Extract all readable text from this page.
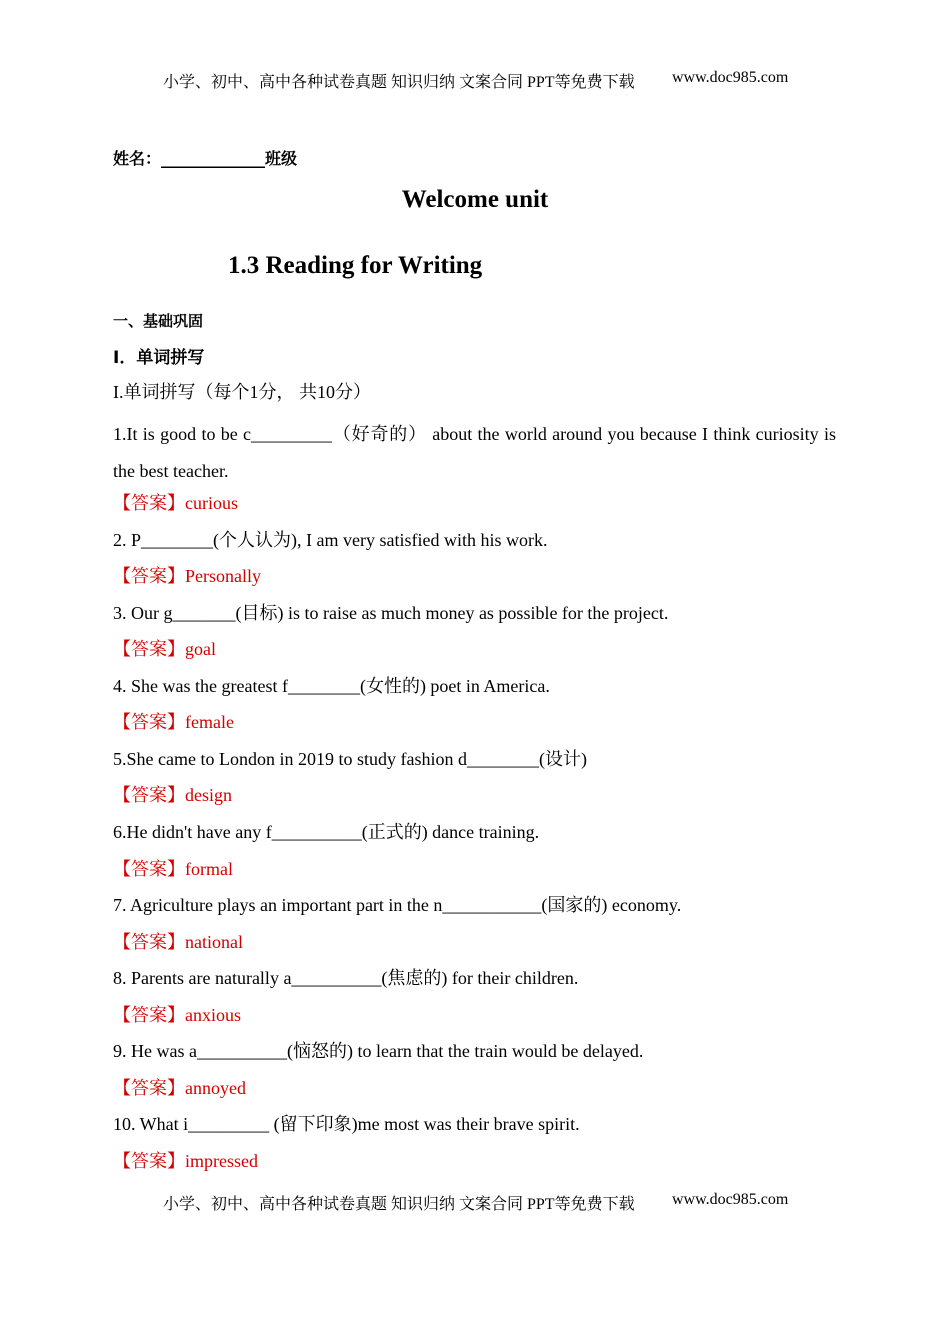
小学、初中、高中各种试卷真题 知识归纳 文案合同 PPT等免费下载 www.doc985.com
姓名：_____________班级
Welcome unit
1.3 Reading for Writing
一、基础巩固
I．单词拼写
I.单词拼写（每个1分， 共10分）
1.It is good to be c_________（好奇的） about the world around you because I think curiosity is the best teacher.
【答案】curious
2. P________(个人认为), I am very satisfied with his work.
【答案】Personally
3. Our g_______(目标) is to raise as much money as possible for the project.
【答案】goal
4. She was the greatest f________(女性的) poet in America.
【答案】female
5.She came to London in 2019 to study fashion d________(设计)
【答案】design
6.He didn't have any f__________(正式的) dance training.
【答案】formal
7. Agriculture plays an important part in the n___________(国家的) economy.
【答案】national
8. Parents are naturally a__________(焦虑的) for their children.
【答案】anxious
9. He was a__________(恼怒的) to learn that the train would be delayed.
【答案】annoyed
10. What i_________ (留下印象)me most was their brave spirit.
【答案】impressed
小学、初中、高中各种试卷真题 知识归纳 文案合同 PPT等免费下载 www.doc985.com
